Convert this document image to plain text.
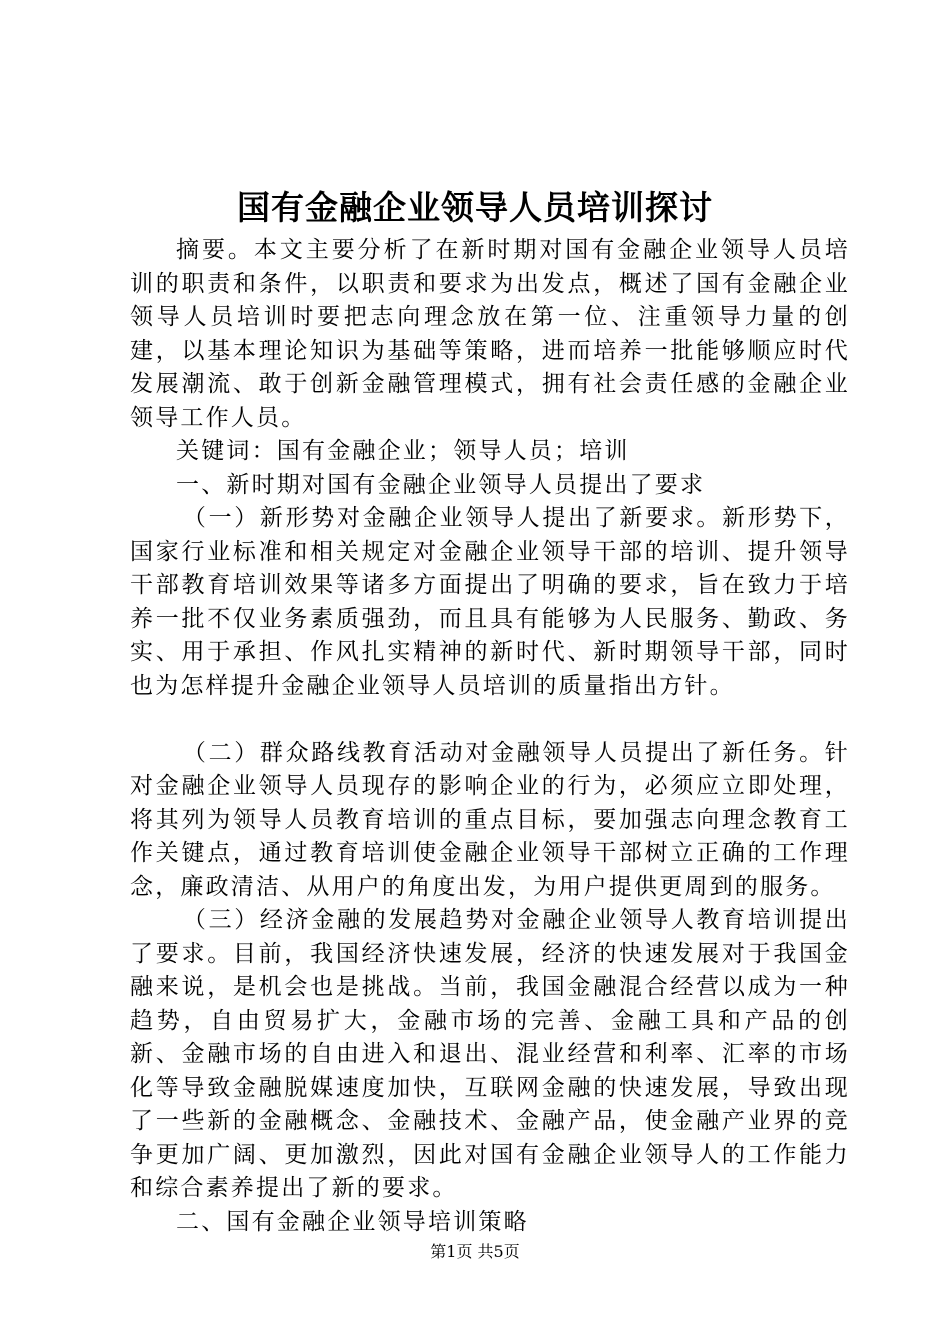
国有金融企业领导人员培训探讨

摘要。本文主要分析了在新时期对国有金融企业领导人员培训的职责和条件，以职责和要求为出发点，概述了国有金融企业领导人员培训时要把志向理念放在第一位、注重领导力量的创建，以基本理论知识为基础等策略，进而培养一批能够顺应时代发展潮流、敢于创新金融管理模式，拥有社会责任感的金融企业领导工作人员。

关键词：国有金融企业；领导人员；培训

一、新时期对国有金融企业领导人员提出了要求

（一）新形势对金融企业领导人提出了新要求。新形势下，国家行业标准和相关规定对金融企业领导干部的培训、提升领导干部教育培训效果等诸多方面提出了明确的要求，旨在致力于培养一批不仅业务素质强劲，而且具有能够为人民服务、勤政、务实、用于承担、作风扎实精神的新时代、新时期领导干部，同时也为怎样提升金融企业领导人员培训的质量指出方针。

（二）群众路线教育活动对金融领导人员提出了新任务。针对金融企业领导人员现存的影响企业的行为，必须应立即处理，将其列为领导人员教育培训的重点目标，要加强志向理念教育工作关键点，通过教育培训使金融企业领导干部树立正确的工作理念，廉政清洁、从用户的角度出发，为用户提供更周到的服务。

（三）经济金融的发展趋势对金融企业领导人教育培训提出了要求。目前，我国经济快速发展，经济的快速发展对于我国金融来说，是机会也是挑战。当前，我国金融混合经营以成为一种趋势，自由贸易扩大，金融市场的完善、金融工具和产品的创新、金融市场的自由进入和退出、混业经营和利率、汇率的市场化等导致金融脱媒速度加快，互联网金融的快速发展，导致出现了一些新的金融概念、金融技术、金融产品，使金融产业界的竞争更加广阔、更加激烈，因此对国有金融企业领导人的工作能力和综合素养提出了新的要求。

二、国有金融企业领导培训策略

第1页 共5页
